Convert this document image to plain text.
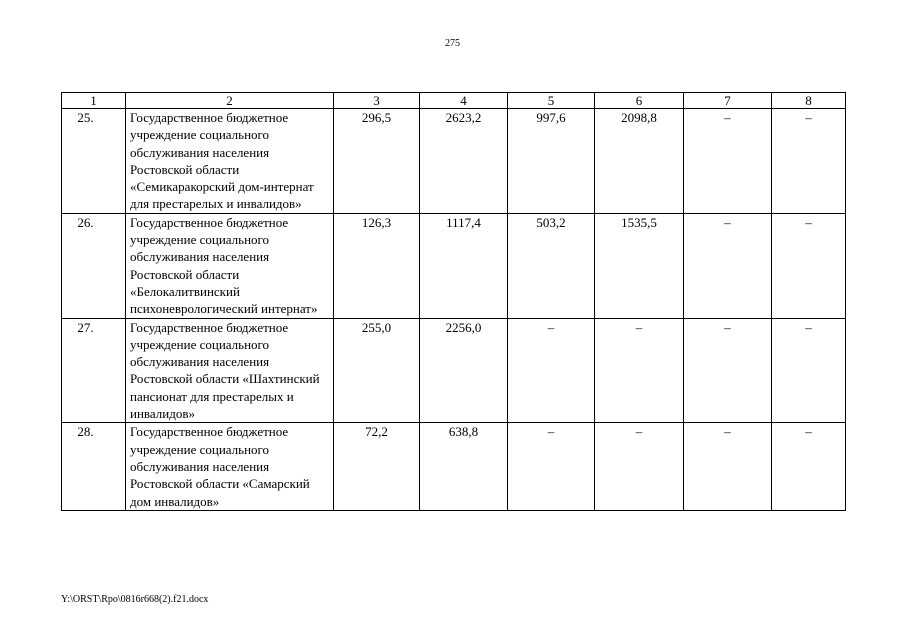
275
1	2	3	4	5	6	7	8
25.	Государственное бюджетное учреждение социального обслуживания населения Ростовской области «Семикаракорский дом-интернат для престарелых и инвалидов»	296,5	2623,2	997,6	2098,8	–	–
26.	Государственное бюджетное учреждение социального обслуживания населения Ростовской области «Белокалитвинский психоневрологический интернат»	126,3	1117,4	503,2	1535,5	–	–
27.	Государственное бюджетное учреждение социального обслуживания населения Ростовской области «Шахтинский пансионат для престарелых и инвалидов»	255,0	2256,0	–	–	–	–
28.	Государственное бюджетное учреждение социального обслуживания населения Ростовской области «Самарский дом инвалидов»	72,2	638,8	–	–	–	–
Y:\ORST\Rpo\0816r668(2).f21.docx
